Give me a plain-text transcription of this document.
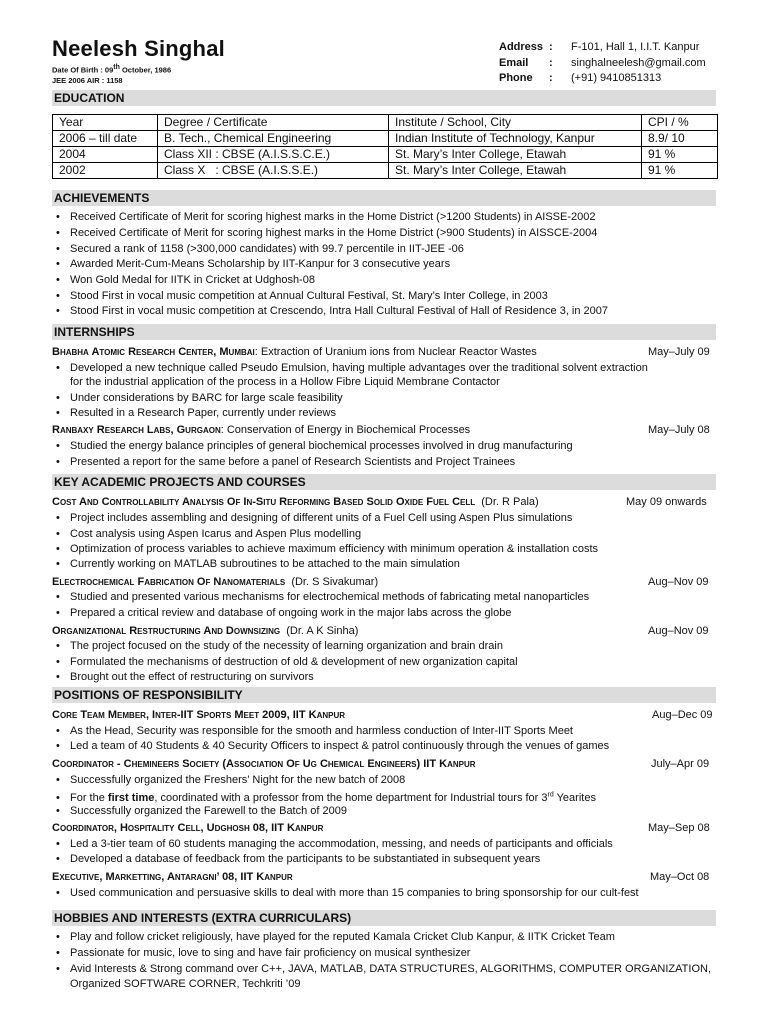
Neelesh Singhal
Date Of Birth : 09th October, 1986
JEE 2006 AIR : 1158
Address :	F-101, Hall 1, I.I.T. Kanpur
Email	:	singhalneelesh@gmail.com
Phone	:	(+91) 9410851313
EDUCATION
Year	Degree / Certificate	Institute / School, City	CPI / %
2006 – till date	B. Tech., Chemical Engineering	Indian Institute of Technology, Kanpur	8.9/ 10
2004	Class XII : CBSE (A.I.S.S.C.E.)	St. Mary’s Inter College, Etawah	91 %
2002	Class X   : CBSE (A.I.S.S.E.)	St. Mary’s Inter College, Etawah	91 %
ACHIEVEMENTS
• Received Certificate of Merit for scoring highest marks in the Home District (>1200 Students) in AISSE-2002
• Received Certificate of Merit for scoring highest marks in the Home District (>900 Students) in AISSCE-2004
• Secured a rank of 1158 (>300,000 candidates) with 99.7 percentile in IIT-JEE -06
• Awarded Merit-Cum-Means Scholarship by IIT-Kanpur for 3 consecutive years
• Won Gold Medal for IITK in Cricket at Udghosh-08
• Stood First in vocal music competition at Annual Cultural Festival, St. Mary’s Inter College, in 2003
• Stood First in vocal music competition at Crescendo, Intra Hall Cultural Festival of Hall of Residence 3, in 2007
INTERNSHIPS
Bhabha Atomic Research Center, Mumbai: Extraction of Uranium ions from Nuclear Reactor Wastes	May–July 09
• Developed a new technique called Pseudo Emulsion, having multiple advantages over the traditional solvent extraction
for the industrial application of the process in a Hollow Fibre Liquid Membrane Contactor
• Under considerations by BARC for large scale feasibility
• Resulted in a Research Paper, currently under reviews
Ranbaxy Research Labs, Gurgaon: Conservation of Energy in Biochemical Processes	May–July 08
• Studied the energy balance principles of general biochemical processes involved in drug manufacturing
• Presented a report for the same before a panel of Research Scientists and Project Trainees
KEY ACADEMIC PROJECTS AND COURSES
Cost And Controllability Analysis Of In-Situ Reforming Based Solid Oxide Fuel Cell (Dr. R Pala)	May 09 onwards
• Project includes assembling and designing of different units of a Fuel Cell using Aspen Plus simulations
• Cost analysis using Aspen Icarus and Aspen Plus modelling
• Optimization of process variables to achieve maximum efficiency with minimum operation & installation costs
• Currently working on MATLAB subroutines to be attached to the main simulation
Electrochemical Fabrication Of Nanomaterials (Dr. S Sivakumar)	Aug–Nov 09
• Studied and presented various mechanisms for electrochemical methods of fabricating metal nanoparticles
• Prepared a critical review and database of ongoing work in the major labs across the globe
Organizational Restructuring And Downsizing (Dr. A K Sinha)	Aug–Nov 09
• The project focused on the study of the necessity of learning organization and brain drain
• Formulated the mechanisms of destruction of old & development of new organization capital
• Brought out the effect of restructuring on survivors
POSITIONS OF RESPONSIBILITY
Core Team Member, Inter-IIT Sports Meet 2009, IIT Kanpur	Aug–Dec 09
• As the Head, Security was responsible for the smooth and harmless conduction of Inter-IIT Sports Meet
• Led a team of 40 Students & 40 Security Officers to inspect & patrol continuously through the venues of games
Coordinator - Chemineers Society (Association Of Ug Chemical Engineers) IIT Kanpur	July–Apr 09
• Successfully organized the Freshers’ Night for the new batch of 2008
• For the first time, coordinated with a professor from the home department for Industrial tours for 3rd Yearites
• Successfully organized the Farewell to the Batch of 2009
Coordinator, Hospitality Cell, Udghosh 08, IIT Kanpur	May–Sep 08
• Led a 3-tier team of 60 students managing the accommodation, messing, and needs of participants and officials
• Developed a database of feedback from the participants to be substantiated in subsequent years
Executive, Marketting, Antaragni’ 08, IIT Kanpur	May–Oct 08
• Used communication and persuasive skills to deal with more than 15 companies to bring sponsorship for our cult-fest
HOBBIES AND INTERESTS (EXTRA CURRICULARS)
• Play and follow cricket religiously, have played for the reputed Kamala Cricket Club Kanpur, & IITK Cricket Team
• Passionate for music, love to sing and have fair proficiency on musical synthesizer
• Avid Interests & Strong command over C++, JAVA, MATLAB, DATA STRUCTURES, ALGORITHMS, COMPUTER ORGANIZATION,
Organized SOFTWARE CORNER, Techkriti ’09
